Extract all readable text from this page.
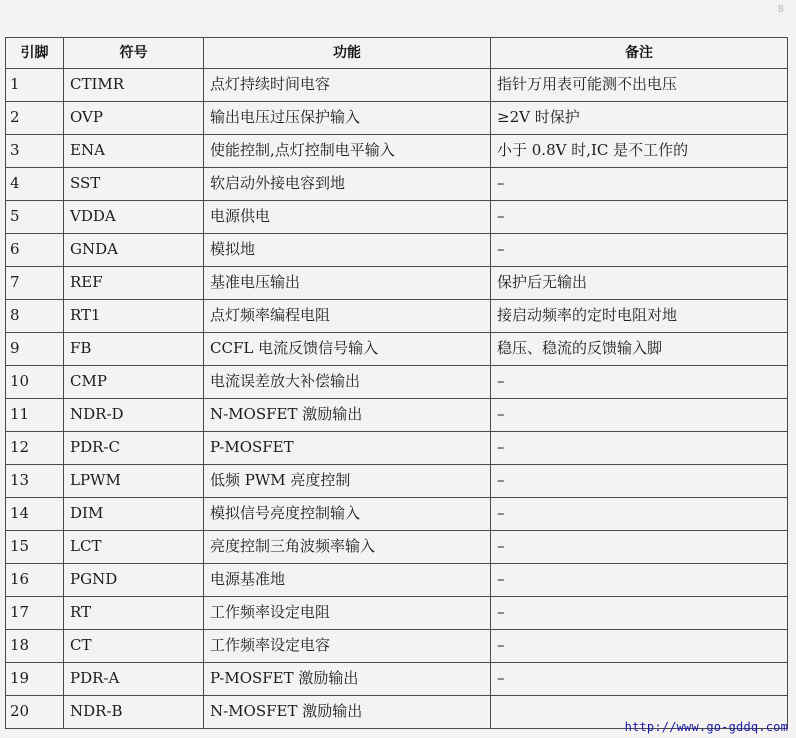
8
引脚	符号	功能	备注
1	CTIMR	点灯持续时间电容	指针万用表可能测不出电压
2	OVP	输出电压过压保护输入	≥2V 时保护
3	ENA	使能控制,点灯控制电平输入	小于 0.8V 时,IC 是不工作的
4	SST	软启动外接电容到地	–
5	VDDA	电源供电	–
6	GNDA	模拟地	–
7	REF	基准电压输出	保护后无输出
8	RT1	点灯频率编程电阻	接启动频率的定时电阻对地
9	FB	CCFL 电流反馈信号输入	稳压、稳流的反馈输入脚
10	CMP	电流误差放大补偿输出	–
11	NDR-D	N-MOSFET 激励输出	–
12	PDR-C	P-MOSFET	–
13	LPWM	低频 PWM 亮度控制	–
14	DIM	模拟信号亮度控制输入	–
15	LCT	亮度控制三角波频率输入	–
16	PGND	电源基准地	–
17	RT	工作频率设定电阻	–
18	CT	工作频率设定电容	–
19	PDR-A	P-MOSFET 激励输出	–
20	NDR-B	N-MOSFET 激励输出	
http://www.go-gddq.com
